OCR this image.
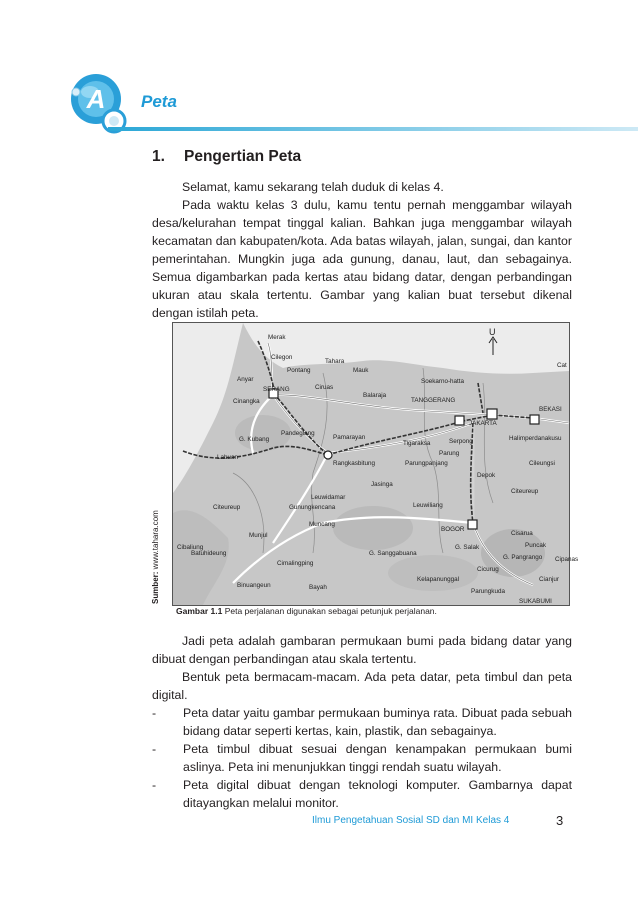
A Peta
1. Pengertian Peta

Selamat, kamu sekarang telah duduk di kelas 4.

Pada waktu kelas 3 dulu, kamu tentu pernah menggambar wilayah desa/kelurahan tempat tinggal kalian. Bahkan juga menggambar wilayah kecamatan dan kabupaten/kota. Ada batas wilayah, jalan, sungai, dan kantor pemerintahan. Mungkin juga ada gunung, danau, laut, dan sebagainya. Semua digambarkan pada kertas atau bidang datar, dengan perbandingan ukuran atau skala tertentu. Gambar yang kalian buat tersebut dikenal dengan istilah peta.

U
Merak
Cilegon
Anyar
Pontang
Tahara
Mauk
Soekarno-hatta
SERANG
Cinangka
Ciruas
Balaraja
TANGGERANG
JAKARTA
BEKASI
G. Kubang
Pandeglang
Pamarayan
Tigaraksa
Halimperdanakusu
Labuan
Rangkasbitung	Parungpanjang
Parung
Serpong
Cileungsi
Depok
Jasinga
Citeureup
Leuwidamar
Citeureup	Gunungkencana	Leuwiliang
BOGOR
Muncang
Munjul	Cisarua
Puncak
G. Sanggabuana
G. Salak
Cipanas
Cibaliung
Batuhideung
Cimalingping
Cicurug
G. Pangrango
Cianjur
Binuangeun	Bayah
Kelapanunggal
Parungkuda
SUKABUMI
Cat
Sumber: www.tahara.com
Gambar 1.1 Peta perjalanan digunakan sebagai petunjuk perjalanan.

Jadi peta adalah gambaran permukaan bumi pada bidang datar yang dibuat dengan perbandingan atau skala tertentu.

Bentuk peta bermacam-macam. Ada peta datar, peta timbul dan peta digital.

- Peta datar yaitu gambar permukaan buminya rata. Dibuat pada sebuah bidang datar seperti kertas, kain, plastik, dan sebagainya.
- Peta timbul dibuat sesuai dengan kenampakan permukaan bumi aslinya. Peta ini menunjukkan tinggi rendah suatu wilayah.
- Peta digital dibuat dengan teknologi komputer. Gambarnya dapat ditayangkan melalui monitor.
Ilmu Pengetahuan Sosial SD dan MI Kelas 4	3
